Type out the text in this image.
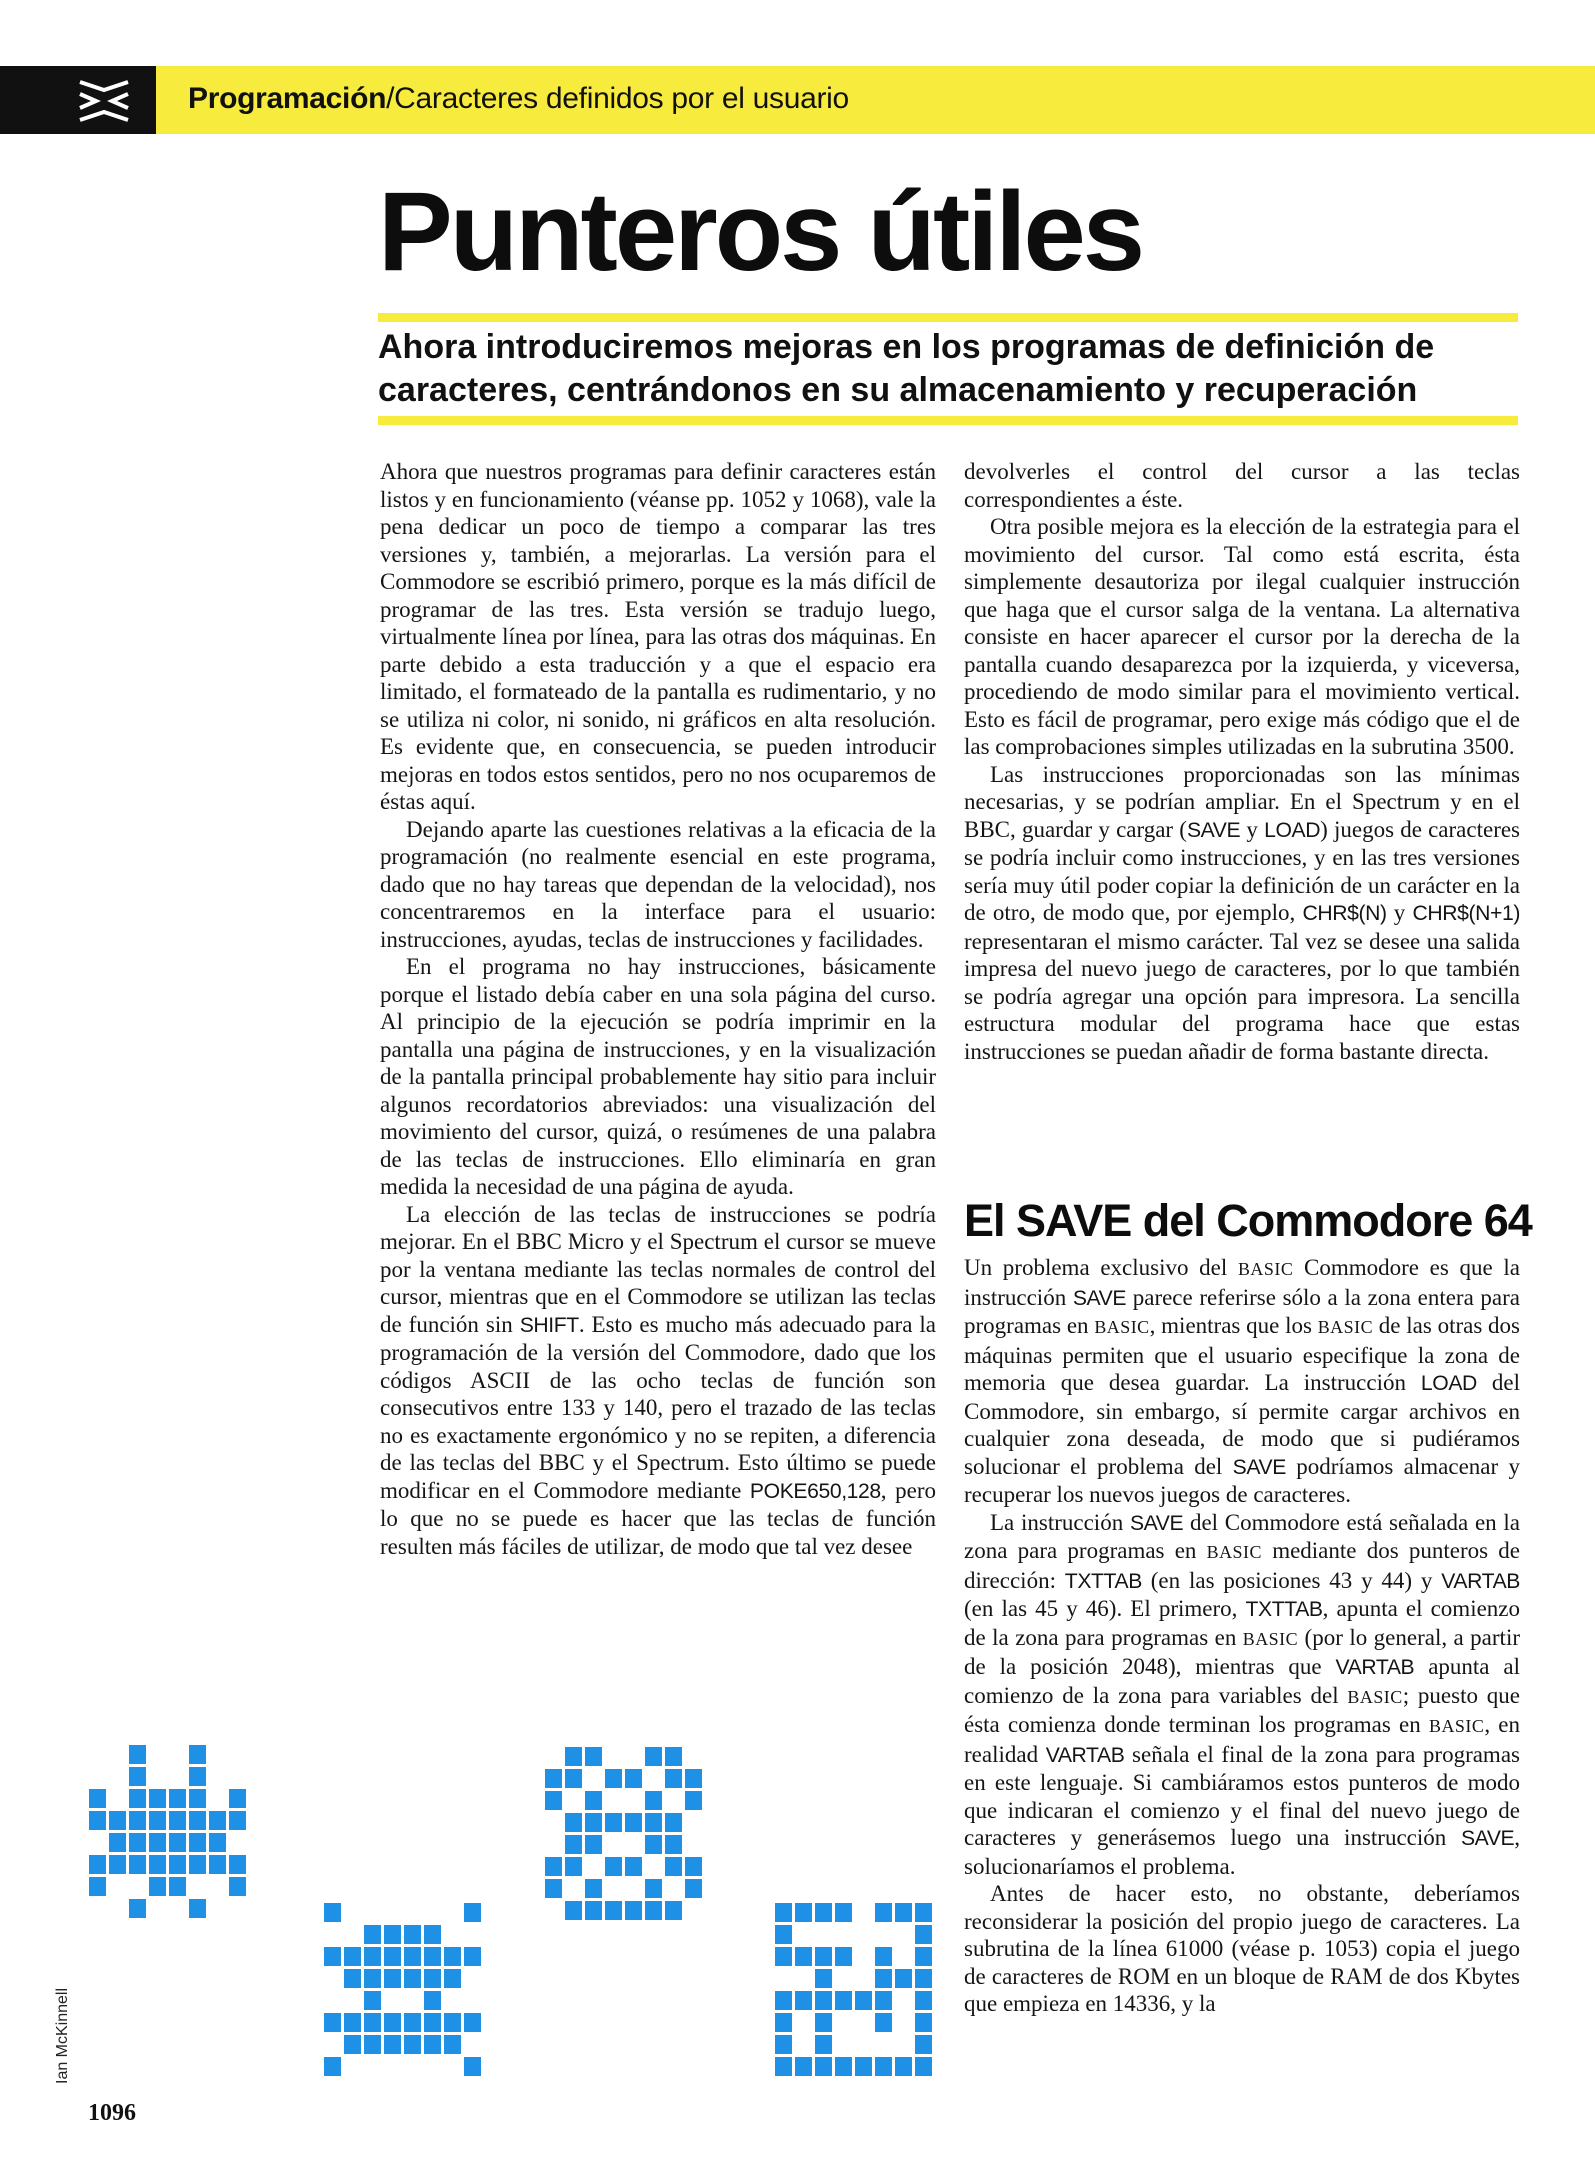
Programación/Caracteres definidos por el usuario
Punteros útiles

Ahora introduciremos mejoras en los programas de definición de caracteres, centrándonos en su almacenamiento y recuperación

Ahora que nuestros programas para definir caracteres están listos y en funcionamiento (véanse pp. 1052 y 1068), vale la pena dedicar un poco de tiempo a comparar las tres versiones y, también, a mejorarlas. La versión para el Commodore se escribió primero, porque es la más difícil de programar de las tres. Esta versión se tradujo luego, virtualmente línea por línea, para las otras dos máquinas. En parte debido a esta traducción y a que el espacio era limitado, el formateado de la pantalla es rudimentario, y no se utiliza ni color, ni sonido, ni gráficos en alta resolución. Es evidente que, en consecuencia, se pueden introducir mejoras en todos estos sentidos, pero no nos ocuparemos de éstas aquí.

Dejando aparte las cuestiones relativas a la eficacia de la programación (no realmente esencial en este programa, dado que no hay tareas que dependan de la velocidad), nos concentraremos en la interface para el usuario: instrucciones, ayudas, teclas de instrucciones y facilidades.

En el programa no hay instrucciones, básicamente porque el listado debía caber en una sola página del curso. Al principio de la ejecución se podría imprimir en la pantalla una página de instrucciones, y en la visualización de la pantalla principal probablemente hay sitio para incluir algunos recordatorios abreviados: una visualización del movimiento del cursor, quizá, o resúmenes de una palabra de las teclas de instrucciones. Ello eliminaría en gran medida la necesidad de una página de ayuda.

La elección de las teclas de instrucciones se podría mejorar. En el BBC Micro y el Spectrum el cursor se mueve por la ventana mediante las teclas normales de control del cursor, mientras que en el Commodore se utilizan las teclas de función sin SHIFT. Esto es mucho más adecuado para la programación de la versión del Commodore, dado que los códigos ASCII de las ocho teclas de función son consecutivos entre 133 y 140, pero el trazado de las teclas no es exactamente ergonómico y no se repiten, a diferencia de las teclas del BBC y el Spectrum. Esto último se puede modificar en el Commodore mediante POKE650,128, pero lo que no se puede es hacer que las teclas de función resulten más fáciles de utilizar, de modo que tal vez desee

devolverles el control del cursor a las teclas correspondientes a éste.

Otra posible mejora es la elección de la estrategia para el movimiento del cursor. Tal como está escrita, ésta simplemente desautoriza por ilegal cualquier instrucción que haga que el cursor salga de la ventana. La alternativa consiste en hacer aparecer el cursor por la derecha de la pantalla cuando desaparezca por la izquierda, y viceversa, procediendo de modo similar para el movimiento vertical. Esto es fácil de programar, pero exige más código que el de las comprobaciones simples utilizadas en la subrutina 3500.

Las instrucciones proporcionadas son las mínimas necesarias, y se podrían ampliar. En el Spectrum y en el BBC, guardar y cargar (SAVE y LOAD) juegos de caracteres se podría incluir como instrucciones, y en las tres versiones sería muy útil poder copiar la definición de un carácter en la de otro, de modo que, por ejemplo, CHR$(N) y CHR$(N+1) representaran el mismo carácter. Tal vez se desee una salida impresa del nuevo juego de caracteres, por lo que también se podría agregar una opción para impresora. La sencilla estructura modular del programa hace que estas instrucciones se puedan añadir de forma bastante directa.

El SAVE del Commodore 64

Un problema exclusivo del BASIC Commodore es que la instrucción SAVE parece referirse sólo a la zona entera para programas en BASIC, mientras que los BASIC de las otras dos máquinas permiten que el usuario especifique la zona de memoria que desea guardar. La instrucción LOAD del Commodore, sin embargo, sí permite cargar archivos en cualquier zona deseada, de modo que si pudiéramos solucionar el problema del SAVE podríamos almacenar y recuperar los nuevos juegos de caracteres.

La instrucción SAVE del Commodore está señalada en la zona para programas en BASIC mediante dos punteros de dirección: TXTTAB (en las posiciones 43 y 44) y VARTAB (en las 45 y 46). El primero, TXTTAB, apunta el comienzo de la zona para programas en BASIC (por lo general, a partir de la posición 2048), mientras que VARTAB apunta al comienzo de la zona para variables del BASIC; puesto que ésta comienza donde terminan los programas en BASIC, en realidad VARTAB señala el final de la zona para programas en este lenguaje. Si cambiáramos estos punteros de modo que indicaran el comienzo y el final del nuevo juego de caracteres y generásemos luego una instrucción SAVE, solucionaríamos el problema.

Antes de hacer esto, no obstante, deberíamos reconsiderar la posición del propio juego de caracteres. La subrutina de la línea 61000 (véase p. 1053) copia el juego de caracteres de ROM en un bloque de RAM de dos Kbytes que empieza en 14336, y la

Ian McKinnell
1096
